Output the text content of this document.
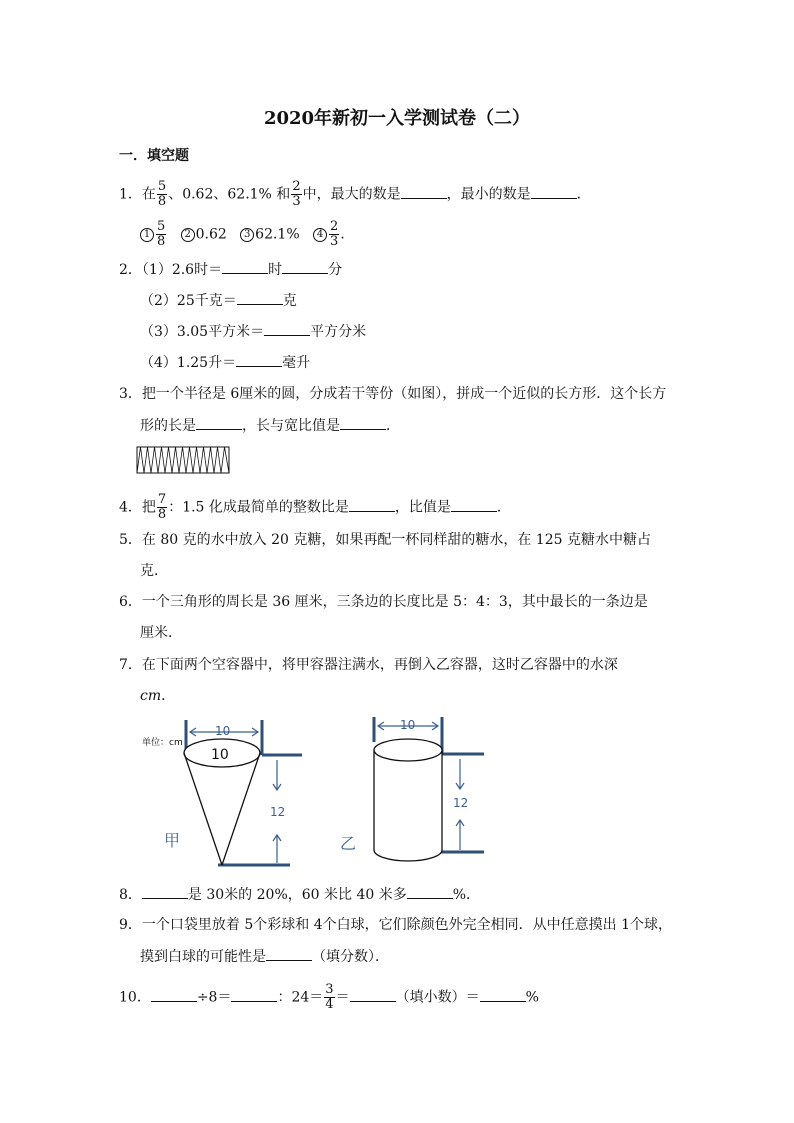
2020年新初一入学测试卷（二）
一．填空题
1．在 $\frac{5}{8}$ 、0.62、62.1% 和 $\frac{2}{3}$ 中，最大的数是	，最小的数是	．
$1 \frac{5}{8} 2$ 0.62 3 62.1% $4 \frac{2}{3}$ .
2．（1）2.6时＝	时	分
（2）25千克＝	克
（3）3.05平方米＝	平方分米
（4）1.25升＝	毫升
3．把一个半径是 6厘米的圆，分成若干等份（如图），拼成一个近似的长方形．这个长方
形的长是	，长与宽比值是	．
4．把 $\frac{7}{8}$ ：1.5 化成最简单的整数比是	，比值是	．
5．在 80 克的水中放入 20 克糖，如果再配一杯同样甜的糖水，在 125 克糖水中糖占
克．
6．一个三角形的周长是 36 厘米，三条边的长度比是 5：4：3，其中最长的一条边是
厘米．
7．在下面两个空容器中，将甲容器注满水，再倒入乙容器，这时乙容器中的水深
cm．
单位：cm
10
10
12
甲
10
12
乙
8．	是 30米的 20%，60 米比 40 米多	%．
9．一个口袋里放着 5个彩球和 4个白球，它们除颜色外完全相同．从中任意摸出 1个球，
摸到白球的可能性是	（填分数）．
10．	÷8＝	：$24= \frac{3}{4}$ ＝	（填小数）＝	%
